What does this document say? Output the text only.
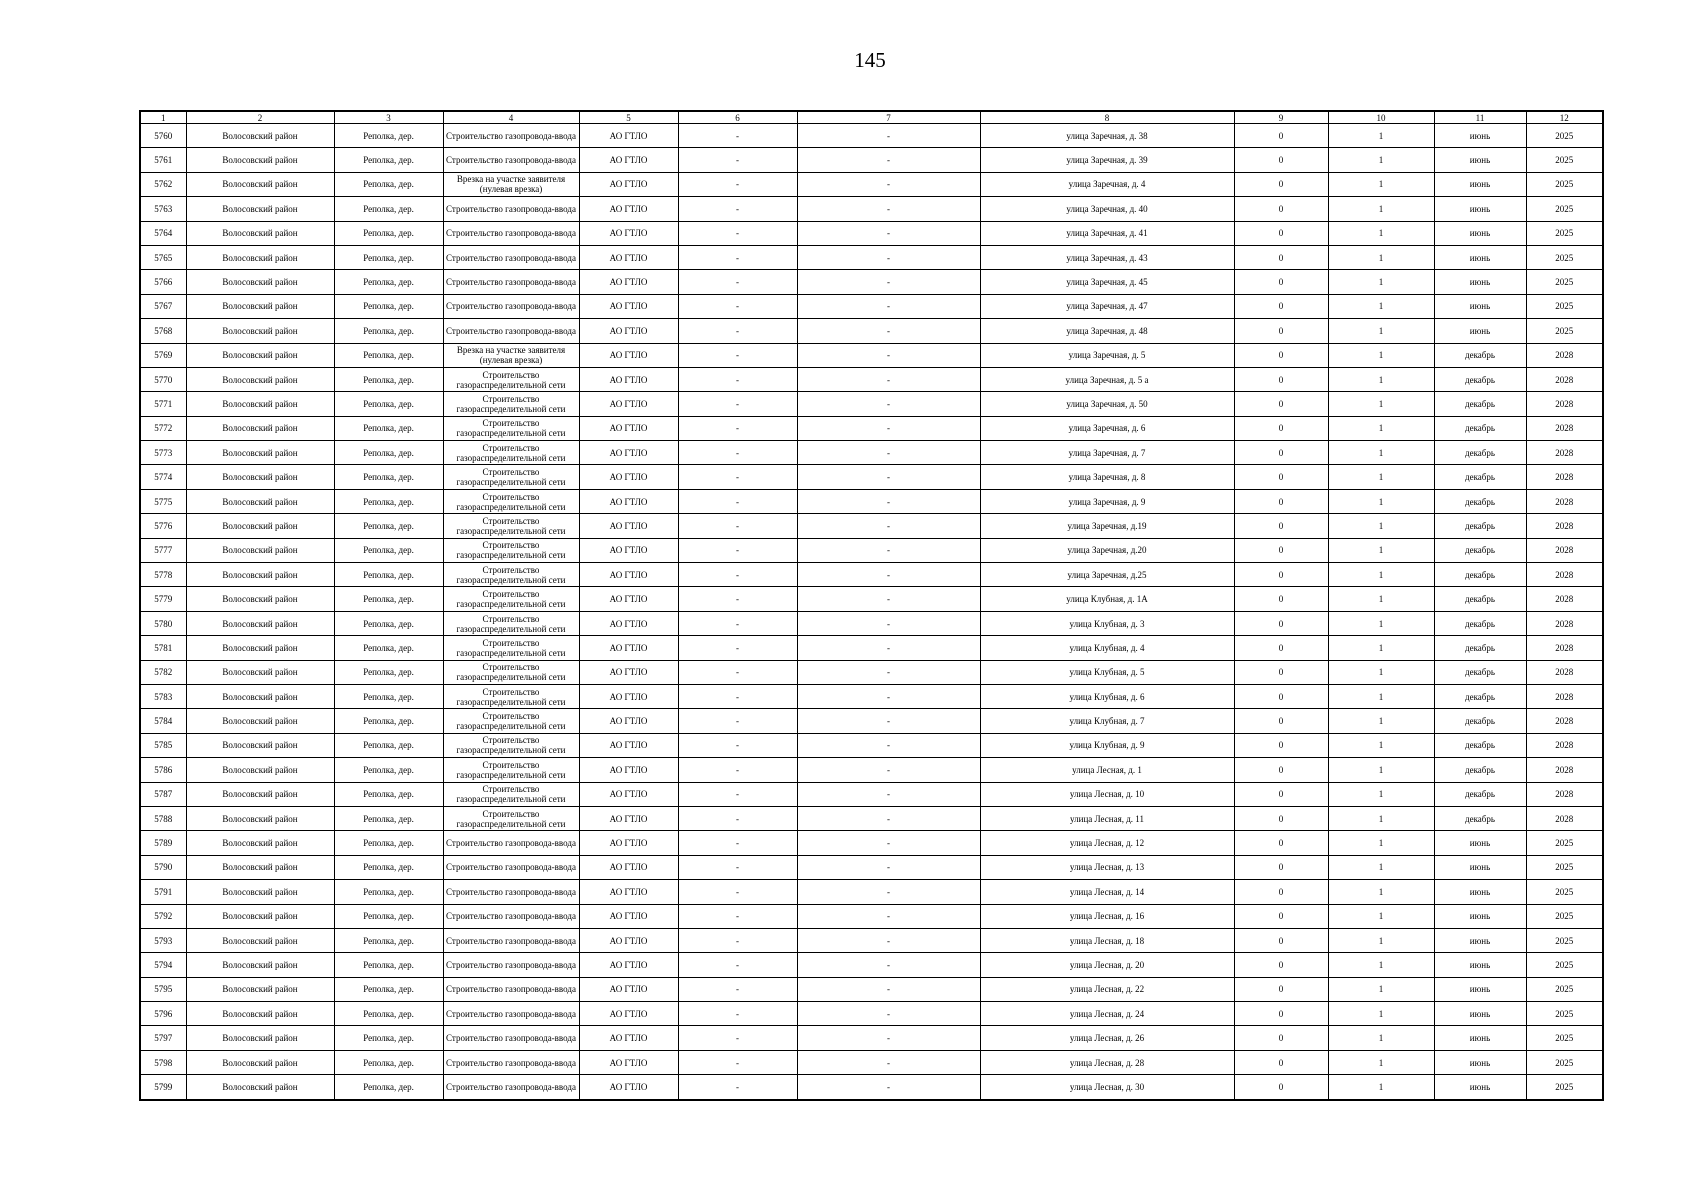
145
1	2	3	4	5	6	7	8	9	10	11	12
5760	Волосовский район	Реполка, дер.	Строительство газопровода-ввода	АО ГТЛО	-	-	улица Заречная, д. 38	0	1	июнь	2025
5761	Волосовский район	Реполка, дер.	Строительство газопровода-ввода	АО ГТЛО	-	-	улица Заречная, д. 39	0	1	июнь	2025
5762	Волосовский район	Реполка, дер.	Врезка на участке заявителя (нулевая врезка)	АО ГТЛО	-	-	улица Заречная, д. 4	0	1	июнь	2025
5763	Волосовский район	Реполка, дер.	Строительство газопровода-ввода	АО ГТЛО	-	-	улица Заречная, д. 40	0	1	июнь	2025
5764	Волосовский район	Реполка, дер.	Строительство газопровода-ввода	АО ГТЛО	-	-	улица Заречная, д. 41	0	1	июнь	2025
5765	Волосовский район	Реполка, дер.	Строительство газопровода-ввода	АО ГТЛО	-	-	улица Заречная, д. 43	0	1	июнь	2025
5766	Волосовский район	Реполка, дер.	Строительство газопровода-ввода	АО ГТЛО	-	-	улица Заречная, д. 45	0	1	июнь	2025
5767	Волосовский район	Реполка, дер.	Строительство газопровода-ввода	АО ГТЛО	-	-	улица Заречная, д. 47	0	1	июнь	2025
5768	Волосовский район	Реполка, дер.	Строительство газопровода-ввода	АО ГТЛО	-	-	улица Заречная, д. 48	0	1	июнь	2025
5769	Волосовский район	Реполка, дер.	Врезка на участке заявителя (нулевая врезка)	АО ГТЛО	-	-	улица Заречная, д. 5	0	1	декабрь	2028
5770	Волосовский район	Реполка, дер.	Строительство газораспределительной сети	АО ГТЛО	-	-	улица Заречная, д. 5 а	0	1	декабрь	2028
5771	Волосовский район	Реполка, дер.	Строительство газораспределительной сети	АО ГТЛО	-	-	улица Заречная, д. 50	0	1	декабрь	2028
5772	Волосовский район	Реполка, дер.	Строительство газораспределительной сети	АО ГТЛО	-	-	улица Заречная, д. 6	0	1	декабрь	2028
5773	Волосовский район	Реполка, дер.	Строительство газораспределительной сети	АО ГТЛО	-	-	улица Заречная, д. 7	0	1	декабрь	2028
5774	Волосовский район	Реполка, дер.	Строительство газораспределительной сети	АО ГТЛО	-	-	улица Заречная, д. 8	0	1	декабрь	2028
5775	Волосовский район	Реполка, дер.	Строительство газораспределительной сети	АО ГТЛО	-	-	улица Заречная, д. 9	0	1	декабрь	2028
5776	Волосовский район	Реполка, дер.	Строительство газораспределительной сети	АО ГТЛО	-	-	улица Заречная, д.19	0	1	декабрь	2028
5777	Волосовский район	Реполка, дер.	Строительство газораспределительной сети	АО ГТЛО	-	-	улица Заречная, д.20	0	1	декабрь	2028
5778	Волосовский район	Реполка, дер.	Строительство газораспределительной сети	АО ГТЛО	-	-	улица Заречная, д.25	0	1	декабрь	2028
5779	Волосовский район	Реполка, дер.	Строительство газораспределительной сети	АО ГТЛО	-	-	улица Клубная, д. 1А	0	1	декабрь	2028
5780	Волосовский район	Реполка, дер.	Строительство газораспределительной сети	АО ГТЛО	-	-	улица Клубная, д. 3	0	1	декабрь	2028
5781	Волосовский район	Реполка, дер.	Строительство газораспределительной сети	АО ГТЛО	-	-	улица Клубная, д. 4	0	1	декабрь	2028
5782	Волосовский район	Реполка, дер.	Строительство газораспределительной сети	АО ГТЛО	-	-	улица Клубная, д. 5	0	1	декабрь	2028
5783	Волосовский район	Реполка, дер.	Строительство газораспределительной сети	АО ГТЛО	-	-	улица Клубная, д. 6	0	1	декабрь	2028
5784	Волосовский район	Реполка, дер.	Строительство газораспределительной сети	АО ГТЛО	-	-	улица Клубная, д. 7	0	1	декабрь	2028
5785	Волосовский район	Реполка, дер.	Строительство газораспределительной сети	АО ГТЛО	-	-	улица Клубная, д. 9	0	1	декабрь	2028
5786	Волосовский район	Реполка, дер.	Строительство газораспределительной сети	АО ГТЛО	-	-	улица Лесная, д. 1	0	1	декабрь	2028
5787	Волосовский район	Реполка, дер.	Строительство газораспределительной сети	АО ГТЛО	-	-	улица Лесная, д. 10	0	1	декабрь	2028
5788	Волосовский район	Реполка, дер.	Строительство газораспределительной сети	АО ГТЛО	-	-	улица Лесная, д. 11	0	1	декабрь	2028
5789	Волосовский район	Реполка, дер.	Строительство газопровода-ввода	АО ГТЛО	-	-	улица Лесная, д. 12	0	1	июнь	2025
5790	Волосовский район	Реполка, дер.	Строительство газопровода-ввода	АО ГТЛО	-	-	улица Лесная, д. 13	0	1	июнь	2025
5791	Волосовский район	Реполка, дер.	Строительство газопровода-ввода	АО ГТЛО	-	-	улица Лесная, д. 14	0	1	июнь	2025
5792	Волосовский район	Реполка, дер.	Строительство газопровода-ввода	АО ГТЛО	-	-	улица Лесная, д. 16	0	1	июнь	2025
5793	Волосовский район	Реполка, дер.	Строительство газопровода-ввода	АО ГТЛО	-	-	улица Лесная, д. 18	0	1	июнь	2025
5794	Волосовский район	Реполка, дер.	Строительство газопровода-ввода	АО ГТЛО	-	-	улица Лесная, д. 20	0	1	июнь	2025
5795	Волосовский район	Реполка, дер.	Строительство газопровода-ввода	АО ГТЛО	-	-	улица Лесная, д. 22	0	1	июнь	2025
5796	Волосовский район	Реполка, дер.	Строительство газопровода-ввода	АО ГТЛО	-	-	улица Лесная, д. 24	0	1	июнь	2025
5797	Волосовский район	Реполка, дер.	Строительство газопровода-ввода	АО ГТЛО	-	-	улица Лесная, д. 26	0	1	июнь	2025
5798	Волосовский район	Реполка, дер.	Строительство газопровода-ввода	АО ГТЛО	-	-	улица Лесная, д. 28	0	1	июнь	2025
5799	Волосовский район	Реполка, дер.	Строительство газопровода-ввода	АО ГТЛО	-	-	улица Лесная, д. 30	0	1	июнь	2025
